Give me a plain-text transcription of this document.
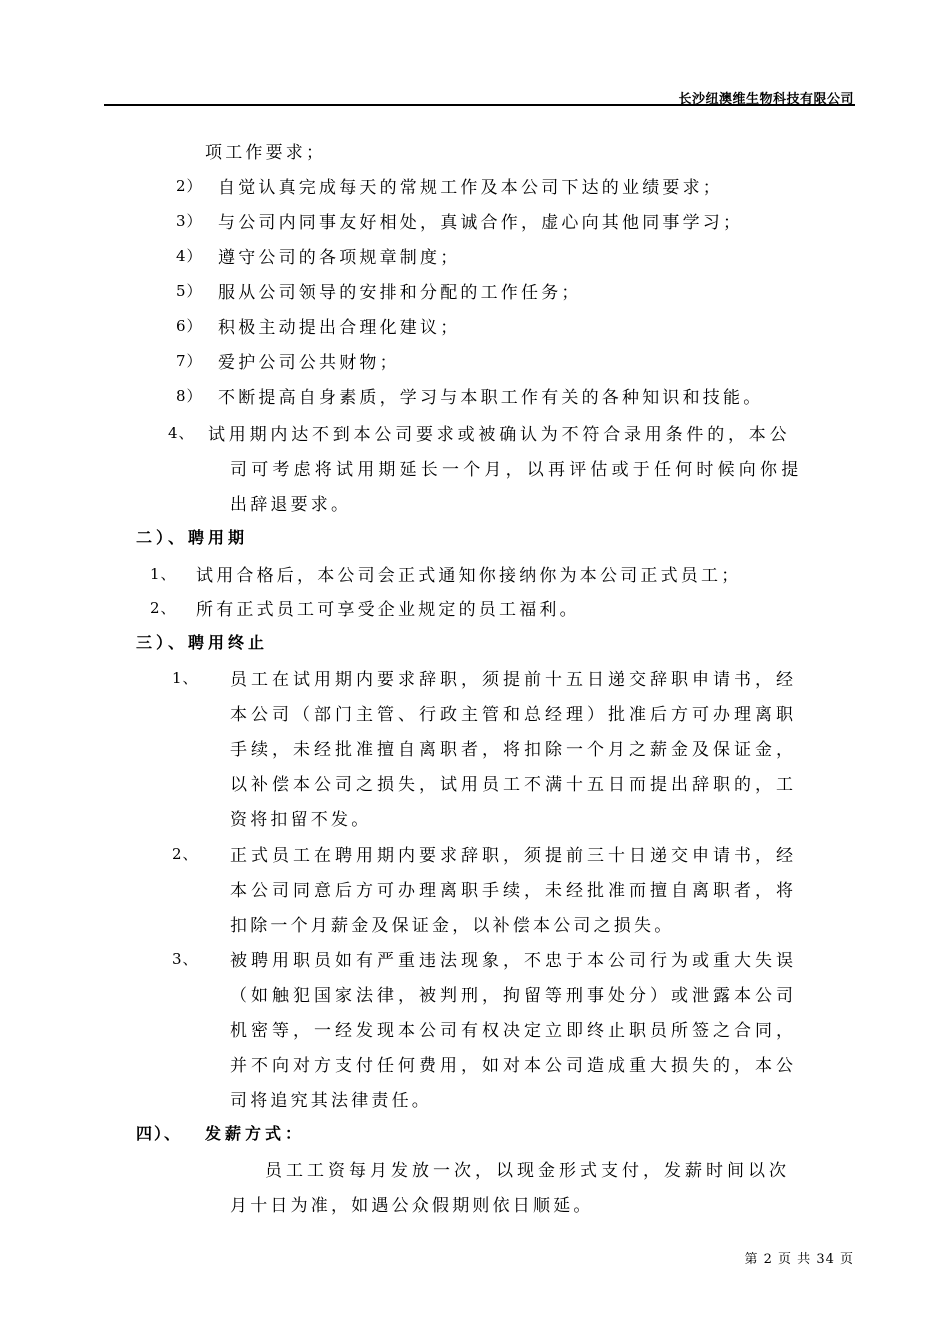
长沙纽澳维生物科技有限公司
项工作要求；
2） 自觉认真完成每天的常规工作及本公司下达的业绩要求；
3） 与公司内同事友好相处，真诚合作，虚心向其他同事学习；
4） 遵守公司的各项规章制度；
5） 服从公司领导的安排和分配的工作任务；
6） 积极主动提出合理化建议；
7） 爱护公司公共财物；
8） 不断提高自身素质，学习与本职工作有关的各种知识和技能。
4、 试用期内达不到本公司要求或被确认为不符合录用条件的，本公
司可考虑将试用期延长一个月，以再评估或于任何时候向你提
出辞退要求。
二）、聘用期
1、 试用合格后，本公司会正式通知你接纳你为本公司正式员工；
2、 所有正式员工可享受企业规定的员工福利。
三）、聘用终止
1、 员工在试用期内要求辞职，须提前十五日递交辞职申请书，经
本公司（部门主管、行政主管和总经理）批准后方可办理离职
手续，未经批准擅自离职者，将扣除一个月之薪金及保证金，
以补偿本公司之损失，试用员工不满十五日而提出辞职的，工
资将扣留不发。
2、 正式员工在聘用期内要求辞职，须提前三十日递交申请书，经
本公司同意后方可办理离职手续，未经批准而擅自离职者，将
扣除一个月薪金及保证金，以补偿本公司之损失。
3、 被聘用职员如有严重违法现象，不忠于本公司行为或重大失误
（如触犯国家法律，被判刑，拘留等刑事处分）或泄露本公司
机密等，一经发现本公司有权决定立即终止职员所签之合同，
并不向对方支付任何费用，如对本公司造成重大损失的，本公
司将追究其法律责任。
四）、 发薪方式：
员工工资每月发放一次，以现金形式支付，发薪时间以次
月十日为准，如遇公众假期则依日顺延。
第 2 页 共 34 页
